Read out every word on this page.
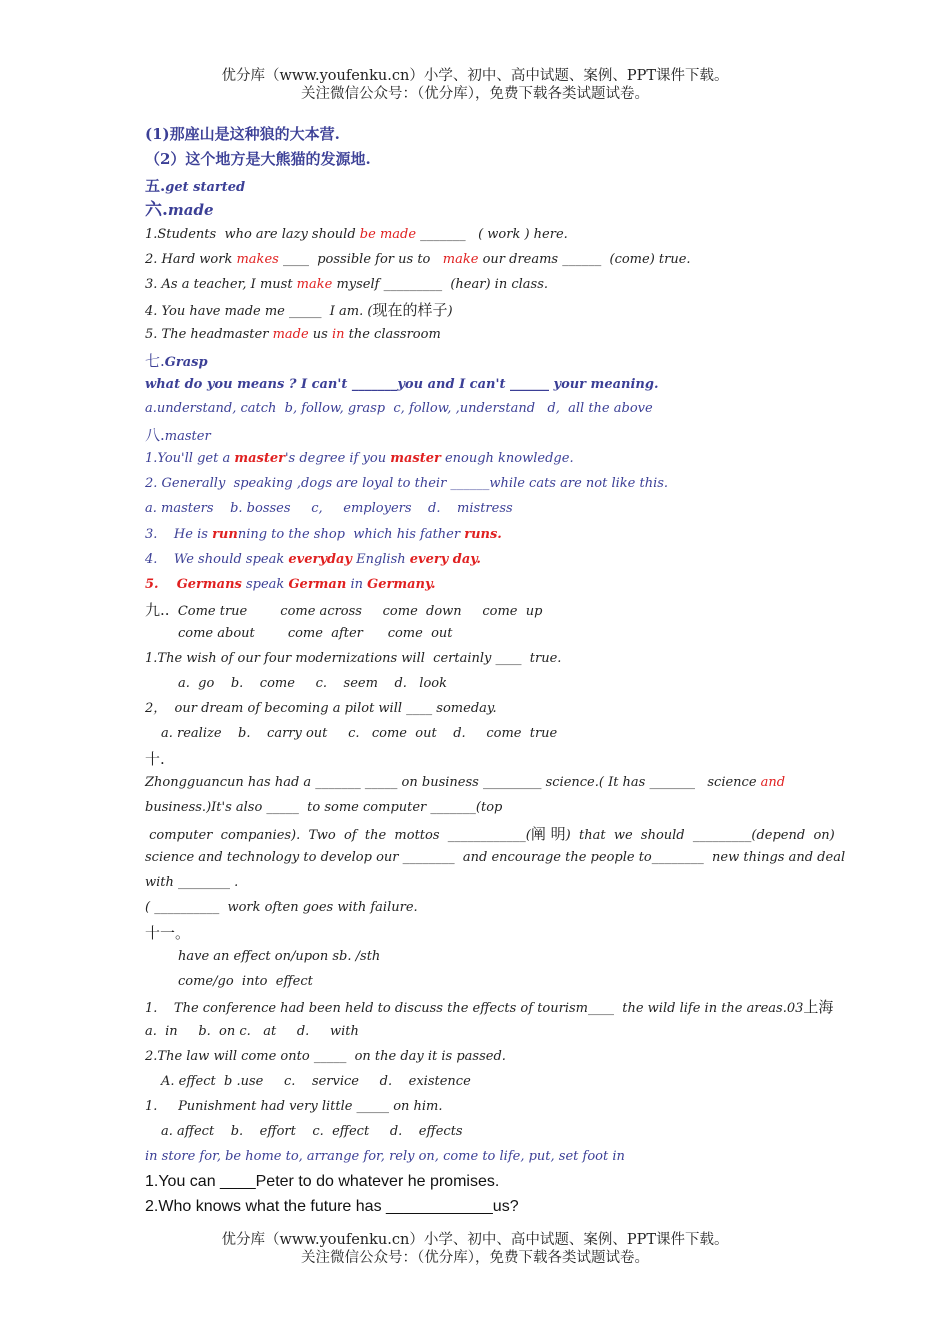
优分库（www.youfenku.cn）小学、初中、高中试题、案例、PPT课件下载。
关注微信公众号：（优分库），免费下载各类试题试卷。
(1)那座山是这种狼的大本营.
（2）这个地方是大熊猫的发源地.
五.get started
六.made
1.Students  who are lazy should be made _______   ( work ) here.
2. Hard work makes ____  possible for us to   make our dreams ______  (come) true.
3. As a teacher, I must make myself _________  (hear) in class.
4. You have made me _____  I am. (现在的样子)
5. The headmaster made us in the classroom
七.Grasp
what do you means ? I can't _______you and I can't ______ your meaning.
a.understand, catch  b, follow, grasp  c, follow, ,understand   d,  all the above
八.master
1.You'll get a master's degree if you master enough knowledge.
2. Generally  speaking ,dogs are loyal to their ______while cats are not like this.
a. masters    b. bosses     c,     employers    d.    mistress
3.    He is running to the shop  which his father runs.
4.    We should speak everyday English every day.
5.    Germans speak German in Germany.
九.. Come true        come across     come  down     come  up
come about        come  after      come  out
1.The wish of our four modernizations will  certainly ____  true.
a.  go    b.    come     c.    seem    d.   look
2，  our dream of becoming a pilot will ____ someday.
a. realize    b.    carry out     c.   come  out    d.     come  true
十.
Zhongguancun has had a _______ _____ on business _________ science.( It has _______   science and
business.)It's also _____  to some computer _______(top
computer  companies).  Two  of  the  mottos  ____________(阐 明)  that  we  should  _________(depend  on)
science and technology to develop our ________  and encourage the people to________  new things and deal
with ________ .
( __________  work often goes with failure.
十一。
have an effect on/upon sb. /sth
come/go  into  effect
1.    The conference had been held to discuss the effects of tourism____  the wild life in the areas.03上海
a.  in     b.  on c.   at     d.     with
2.The law will come onto _____  on the day it is passed.
A. effect  b .use     c.    service     d.    existence
1.     Punishment had very little _____ on him.
a. affect    b.    effort    c.  effect     d.    effects
in store for, be home to, arrange for, rely on, come to life, put, set foot in
1.You can ____Peter to do whatever he promises.
2.Who knows what the future has ____________us?
优分库（www.youfenku.cn）小学、初中、高中试题、案例、PPT课件下载。
关注微信公众号：（优分库），免费下载各类试题试卷。
